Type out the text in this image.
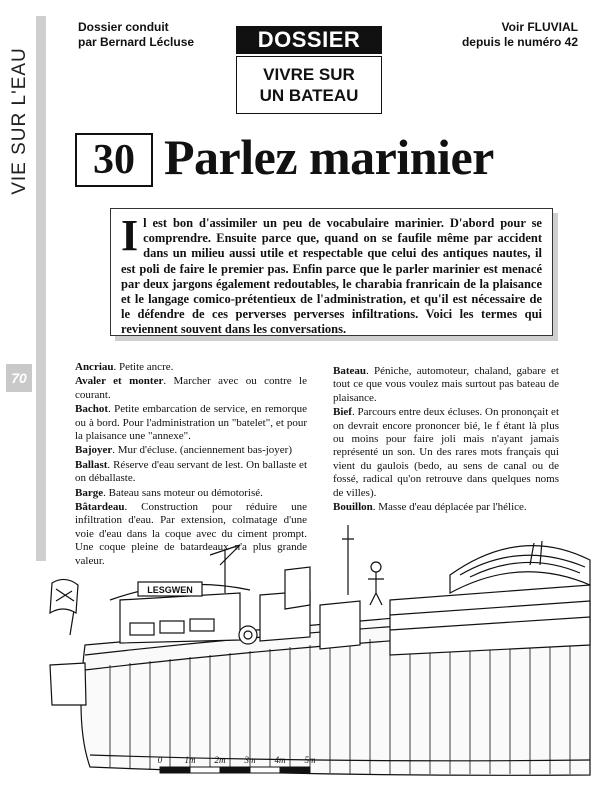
VIE SUR L'EAU
70
Dossier conduit
par Bernard Lécluse	DOSSIER
VIVRE SUR
UN BATEAU
Voir FLUVIAL
depuis le numéro 42
30 Parlez marinier
Il est bon d'assimiler un peu de vocabulaire marinier. D'abord pour se comprendre. Ensuite parce que, quand on se faufile même par accident dans un milieu aussi utile et respectable que celui des antiques nautes, il est poli de faire le premier pas. Enfin parce que le parler marinier est menacé par deux jargons également redoutables, le charabia franricain de la plaisance et le langage comico-prétentieux de l'administration, et qu'il est nécessaire de le défendre de ces perverses perverses infiltrations. Voici les termes qui reviennent souvent dans les conversations.

Ancriau. Petite ancre.

Avaler et monter. Marcher avec ou contre le courant.

Bachot. Petite embarcation de service, en remorque ou à bord. Pour l'administration un "batelet", et pour la plaisance une "annexe".

Bajoyer. Mur d'écluse. (anciennement bas-joyer)

Ballast. Réserve d'eau servant de lest. On ballaste et on déballaste.

Barge. Bateau sans moteur ou démotorisé.

Bâtardeau. Construction pour réduire une infiltration d'eau. Par extension, colmatage d'une voie d'eau dans la coque avec du ciment prompt. Une coque pleine de batardeaux n'a plus grande valeur.

Bateau. Péniche, automoteur, chaland, gabare et tout ce que vous voulez mais surtout pas bateau de plaisance.

Bief. Parcours entre deux écluses. On prononçait et on devrait encore prononcer bié, le f étant là plus ou moins pour faire joli mais n'ayant jamais représenté un son. Un des rares mots français qui vient du gaulois (bedo, au sens de canal ou de fossé, radical qu'on retrouve dans quelques noms de villes).

Bouillon. Masse d'eau déplacée par l'hélice.

LESGWEN
0 1m 2m 3m 4m 5m
